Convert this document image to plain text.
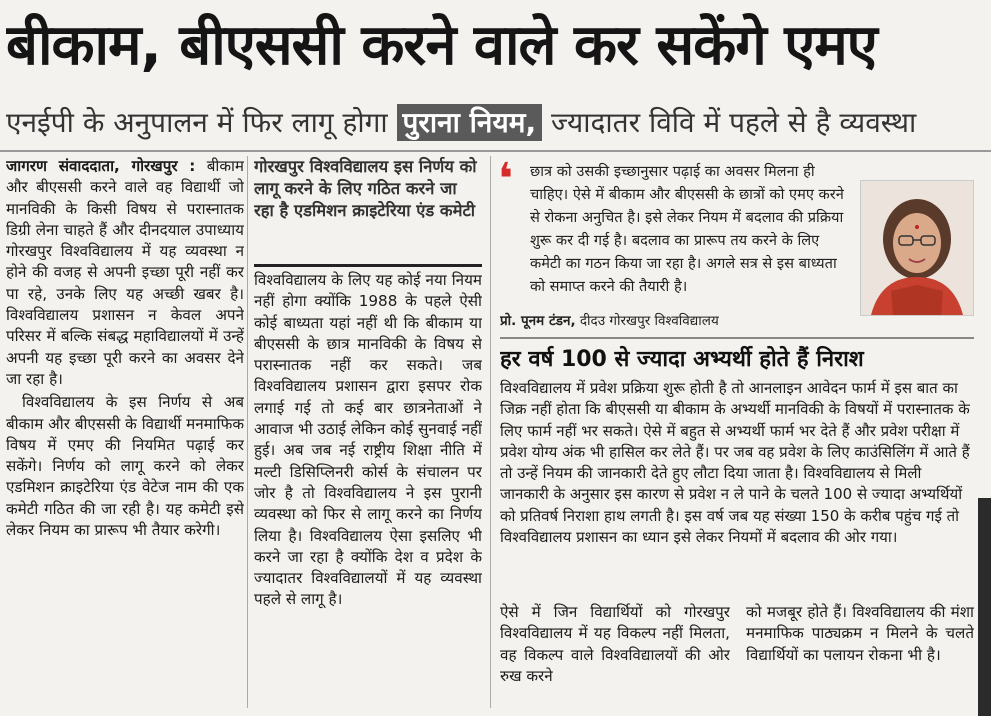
बीकाम, बीएससी करने वाले कर सकेंगे एमए
एनईपी के अनुपालन में फिर लागू होगा पुराना नियम, ज्यादातर विवि में पहले से है व्यवस्था

जागरण संवाददाता, गोरखपुर : बीकाम और बीएससी करने वाले वह विद्यार्थी जो मानविकी के किसी विषय से परास्नातक डिग्री लेना चाहते हैं और दीनदयाल उपाध्याय गोरखपुर विश्वविद्यालय में यह व्यवस्था न होने की वजह से अपनी इच्छा पूरी नहीं कर पा रहे, उनके लिए यह अच्छी खबर है। विश्वविद्यालय प्रशासन न केवल अपने परिसर में बल्कि संबद्ध महाविद्यालयों में उन्हें अपनी यह इच्छा पूरी करने का अवसर देने जा रहा है।

विश्वविद्यालय के इस निर्णय से अब बीकाम और बीएससी के विद्यार्थी मनमाफिक विषय में एमए की नियमित पढ़ाई कर सकेंगे। निर्णय को लागू करने को लेकर एडमिशन क्राइटेरिया एंड वेटेज नाम की एक कमेटी गठित की जा रही है। यह कमेटी इसे लेकर नियम का प्रारूप भी तैयार करेगी।

गोरखपुर विश्वविद्यालय इस निर्णय को लागू करने के लिए गठित करने जा रहा है एडमिशन क्राइटेरिया एंड कमेटी

विश्वविद्यालय के लिए यह कोई नया नियम नहीं होगा क्योंकि 1988 के पहले ऐसी कोई बाध्यता यहां नहीं थी कि बीकाम या बीएससी के छात्र मानविकी के विषय से परास्नातक नहीं कर सकते। जब विश्वविद्यालय प्रशासन द्वारा इसपर रोक लगाई गई तो कई बार छात्रनेताओं ने आवाज भी उठाई लेकिन कोई सुनवाई नहीं हुई। अब जब नई राष्ट्रीय शिक्षा नीति में मल्टी डिसिप्लिनरी कोर्स के संचालन पर जोर है तो विश्वविद्यालय ने इस पुरानी व्यवस्था को फिर से लागू करने का निर्णय लिया है। विश्वविद्यालय ऐसा इसलिए भी करने जा रहा है क्योंकि देश व प्रदेश के ज्यादातर विश्वविद्यालयों में यह व्यवस्था पहले से लागू है।

❛	छात्र को उसकी इच्छानुसार पढ़ाई का अवसर मिलना ही चाहिए। ऐसे में बीकाम और बीएससी के छात्रों को एमए करने से रोकना अनुचित है। इसे लेकर नियम में बदलाव की प्रक्रिया शुरू कर दी गई है। बदलाव का प्रारूप तय करने के लिए कमेटी का गठन किया जा रहा है। अगले सत्र से इस बाध्यता को समाप्त करने की तैयारी है।
प्रो. पूनम टंडन, दीदउ गोरखपुर विश्वविद्यालय
हर वर्ष 100 से ज्यादा अभ्यर्थी होते हैं निराश
विश्वविद्यालय में प्रवेश प्रक्रिया शुरू होती है तो आनलाइन आवेदन फार्म में इस बात का जिक्र नहीं होता कि बीएससी या बीकाम के अभ्यर्थी मानविकी के विषयों में परास्नातक के लिए फार्म नहीं भर सकते। ऐसे में बहुत से अभ्यर्थी फार्म भर देते हैं और प्रवेश परीक्षा में प्रवेश योग्य अंक भी हासिल कर लेते हैं। पर जब वह प्रवेश के लिए काउंसिलिंग में आते हैं तो उन्हें नियम की जानकारी देते हुए लौटा दिया जाता है। विश्वविद्यालय से मिली जानकारी के अनुसार इस कारण से प्रवेश न ले पाने के चलते 100 से ज्यादा अभ्यर्थियों को प्रतिवर्ष निराशा हाथ लगती है। इस वर्ष जब यह संख्या 150 के करीब पहुंच गई तो विश्वविद्यालय प्रशासन का ध्यान इसे लेकर नियमों में बदलाव की ओर गया।
ऐसे में जिन विद्यार्थियों को गोरखपुर विश्वविद्यालय में यह विकल्प नहीं मिलता, वह विकल्प वाले विश्वविद्यालयों की ओर रुख करने
को मजबूर होते हैं। विश्वविद्यालय की मंशा मनमाफिक पाठ्यक्रम न मिलने के चलते विद्यार्थियों का पलायन रोकना भी है।
